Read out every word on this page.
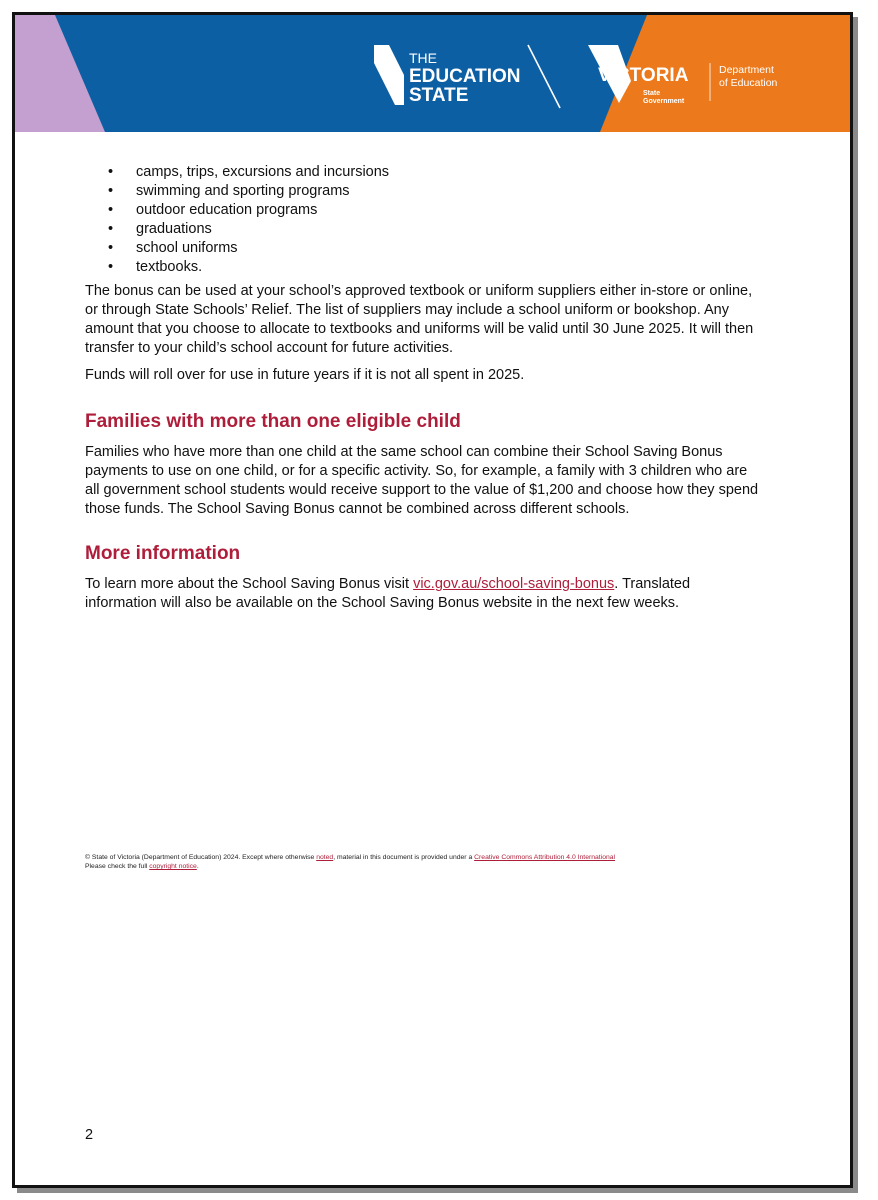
THE
EDUCATION
STATE
VICTORIA
State
Government
Department
of Education
• camps, trips, excursions and incursions
• swimming and sporting programs
• outdoor education programs
• graduations
• school uniforms
• textbooks.

The bonus can be used at your school’s approved textbook or uniform suppliers either in-store or online, or through State Schools’ Relief. The list of suppliers may include a school uniform or bookshop. Any amount that you choose to allocate to textbooks and uniforms will be valid until 30 June 2025. It will then transfer to your child’s school account for future activities.

Funds will roll over for use in future years if it is not all spent in 2025.

Families with more than one eligible child

Families who have more than one child at the same school can combine their School Saving Bonus payments to use on one child, or for a specific activity. So, for example, a family with 3 children who are all government school students would receive support to the value of $1,200 and choose how they spend those funds. The School Saving Bonus cannot be combined across different schools.

More information

To learn more about the School Saving Bonus visit vic.gov.au/school-saving-bonus. Translated information will also be available on the School Saving Bonus website in the next few weeks.

© State of Victoria (Department of Education) 2024. Except where otherwise noted, material in this document is provided under a Creative Commons Attribution 4.0 International
Please check the full copyright notice.
2
